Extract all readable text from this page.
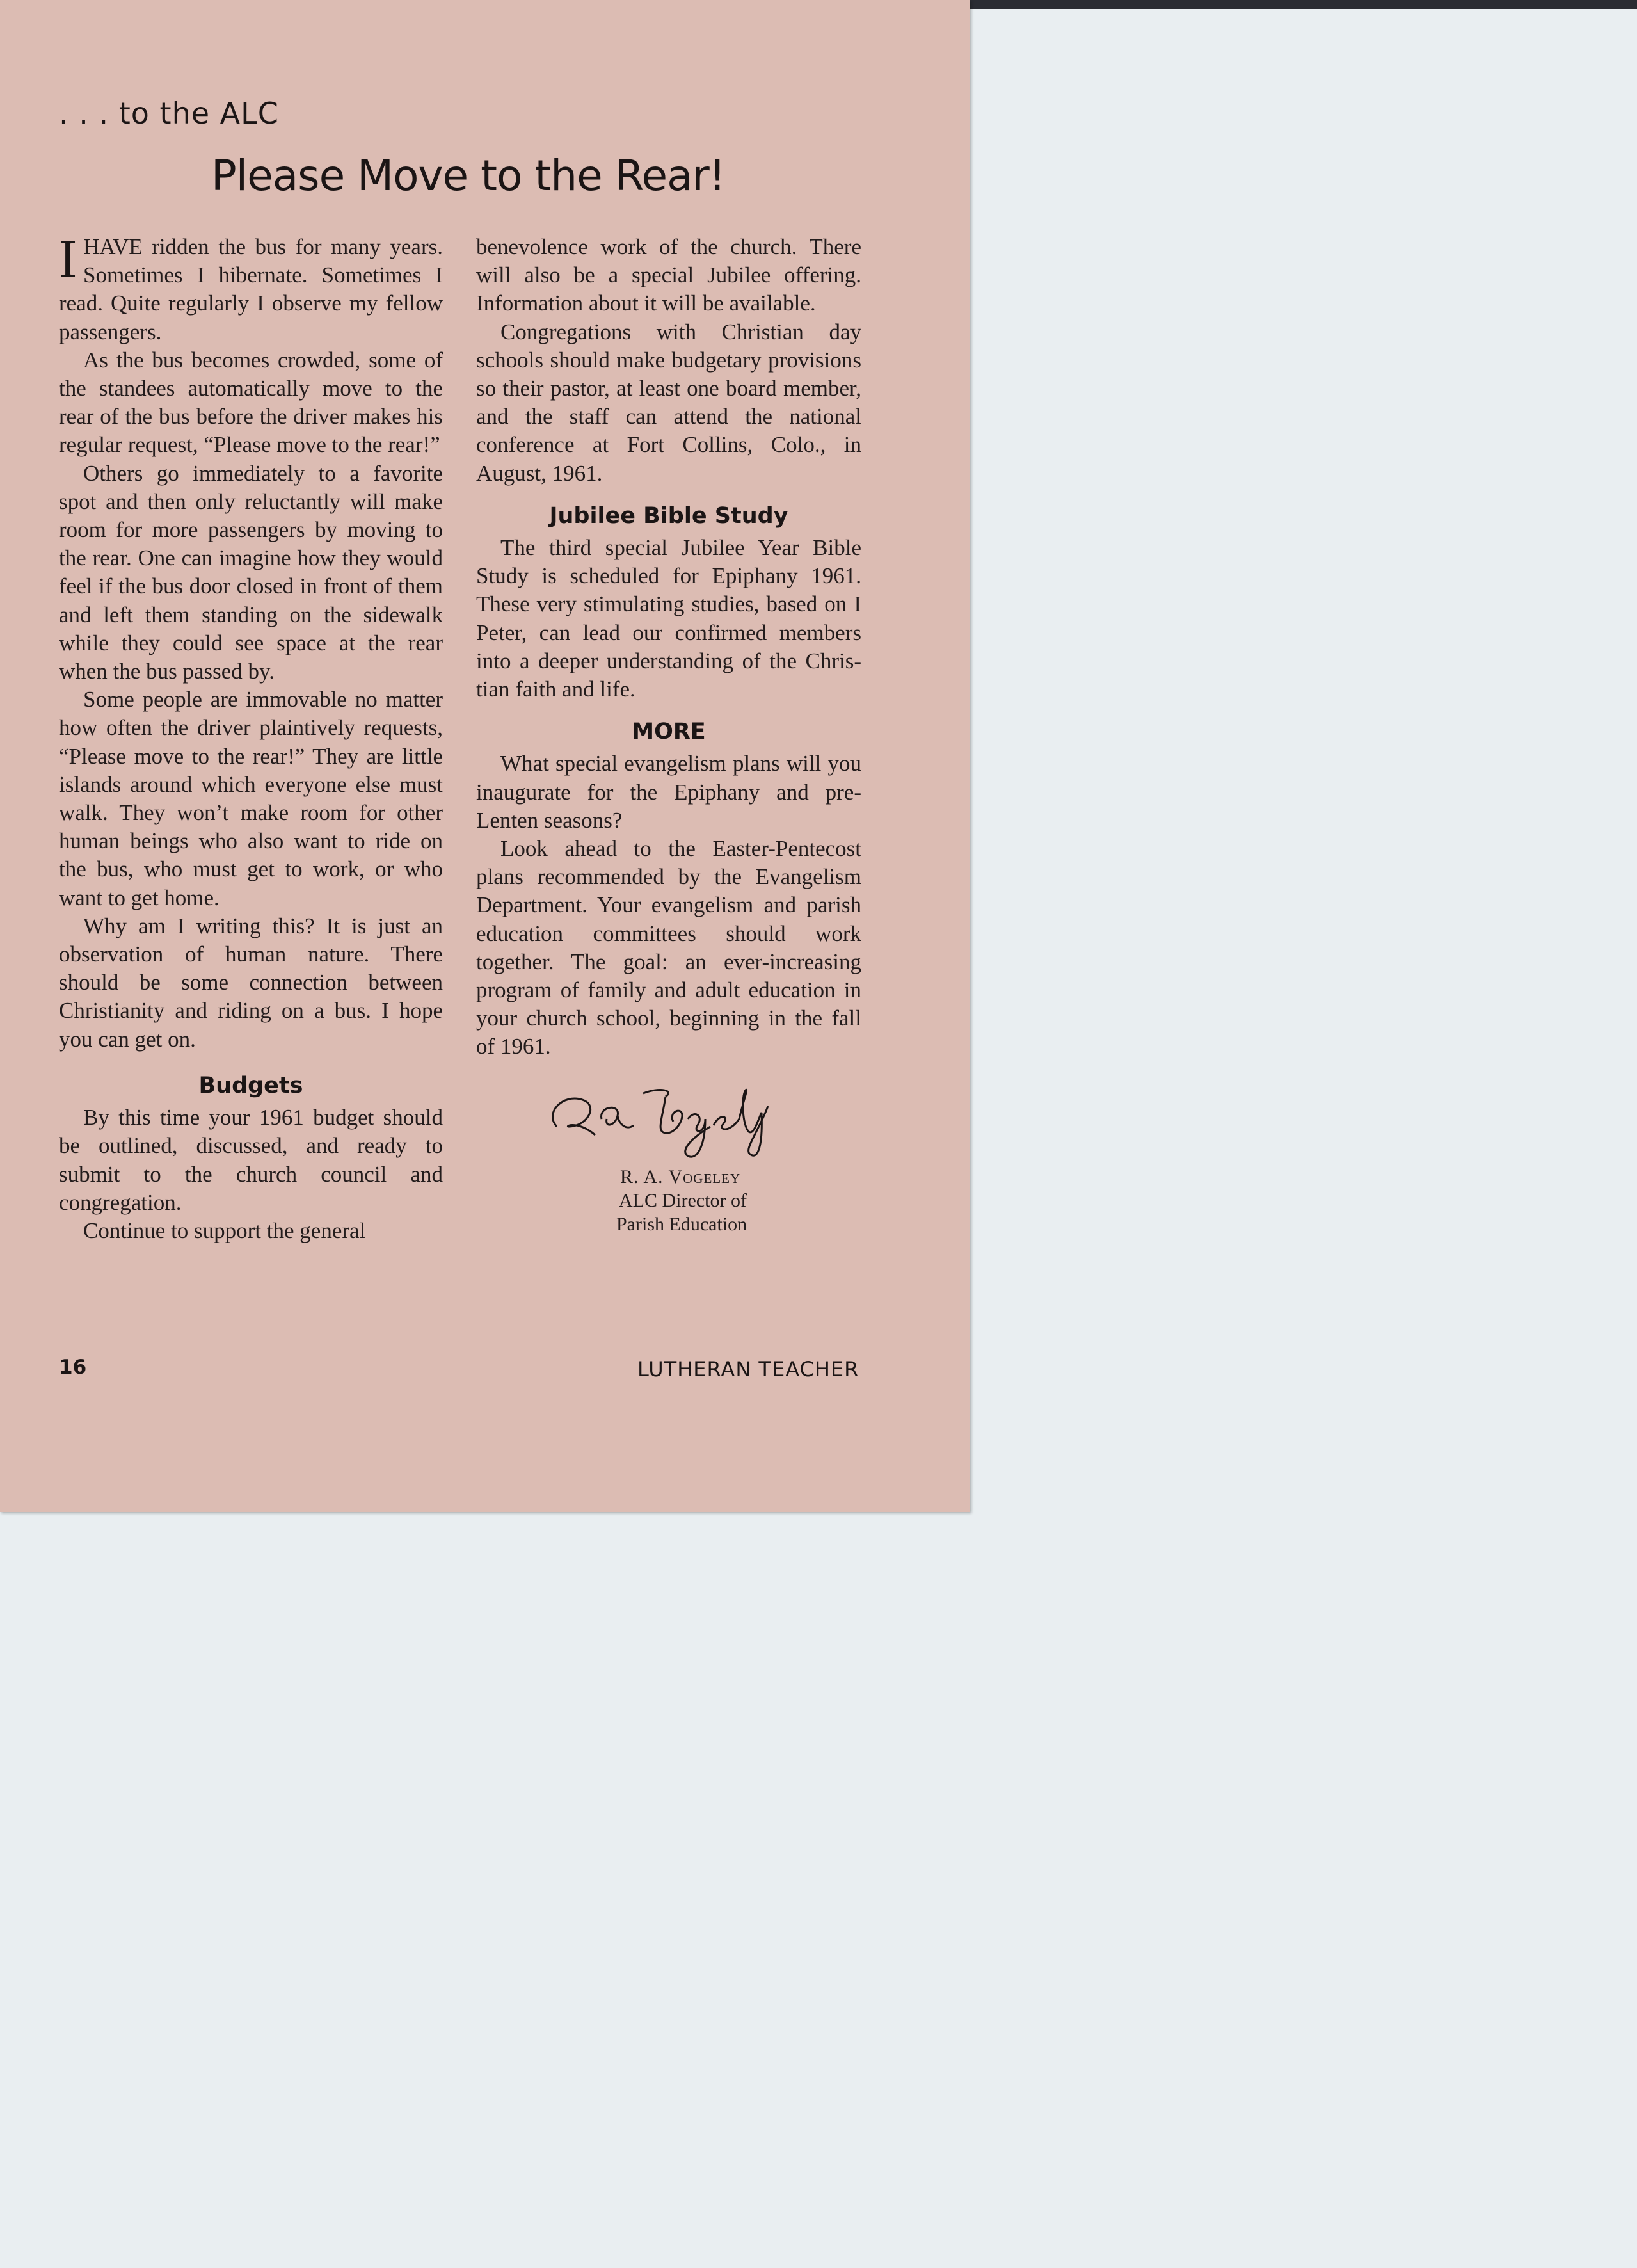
. . . to the ALC
Please Move to the Rear!

IHAVE ridden the bus for many years. Sometimes I hibernate. Sometimes I read. Quite regularly I observe my fellow passengers.

As the bus becomes crowded, some of the standees automatically move to the rear of the bus before the driver makes his regular request, “Please move to the rear!”

Others go immediately to a favorite spot and then only reluctantly will make room for more passengers by moving to the rear. One can imagine how they would feel if the bus door closed in front of them and left them standing on the sidewalk while they could see space at the rear when the bus passed by.

Some people are immovable no matter how often the driver plaintively requests, “Please move to the rear!” They are little islands around which everyone else must walk. They won’t make room for other human beings who also want to ride on the bus, who must get to work, or who want to get home.

Why am I writing this? It is just an observation of human nature. There should be some connection between Christianity and riding on a bus. I hope you can get on.

Budgets

By this time your 1961 budget should be outlined, discussed, and ready to submit to the church council and congregation.

Continue to support the general

benevolence work of the church. There will also be a special Jubilee offering. Information about it will be available.

Congregations with Christian day schools should make budgetary provisions so their pastor, at least one board member, and the staff can attend the national conference at Fort Collins, Colo., in August, 1961.

Jubilee Bible Study

The third special Jubilee Year Bible Study is scheduled for Epiphany 1961. These very stimulating studies, based on I Peter, can lead our confirmed members into a deeper understanding of the Christian faith and life.

MORE

What special evangelism plans will you inaugurate for the Epiphany and pre-Lenten seasons?

Look ahead to the Easter-Pentecost plans recommended by the Evangelism Department. Your evangelism and parish education committees should work together. The goal: an ever-increasing program of family and adult education in your church school, beginning in the fall of 1961.

R. A. Vogeley
ALC Director of
Parish Education
16	LUTHERAN TEACHER
